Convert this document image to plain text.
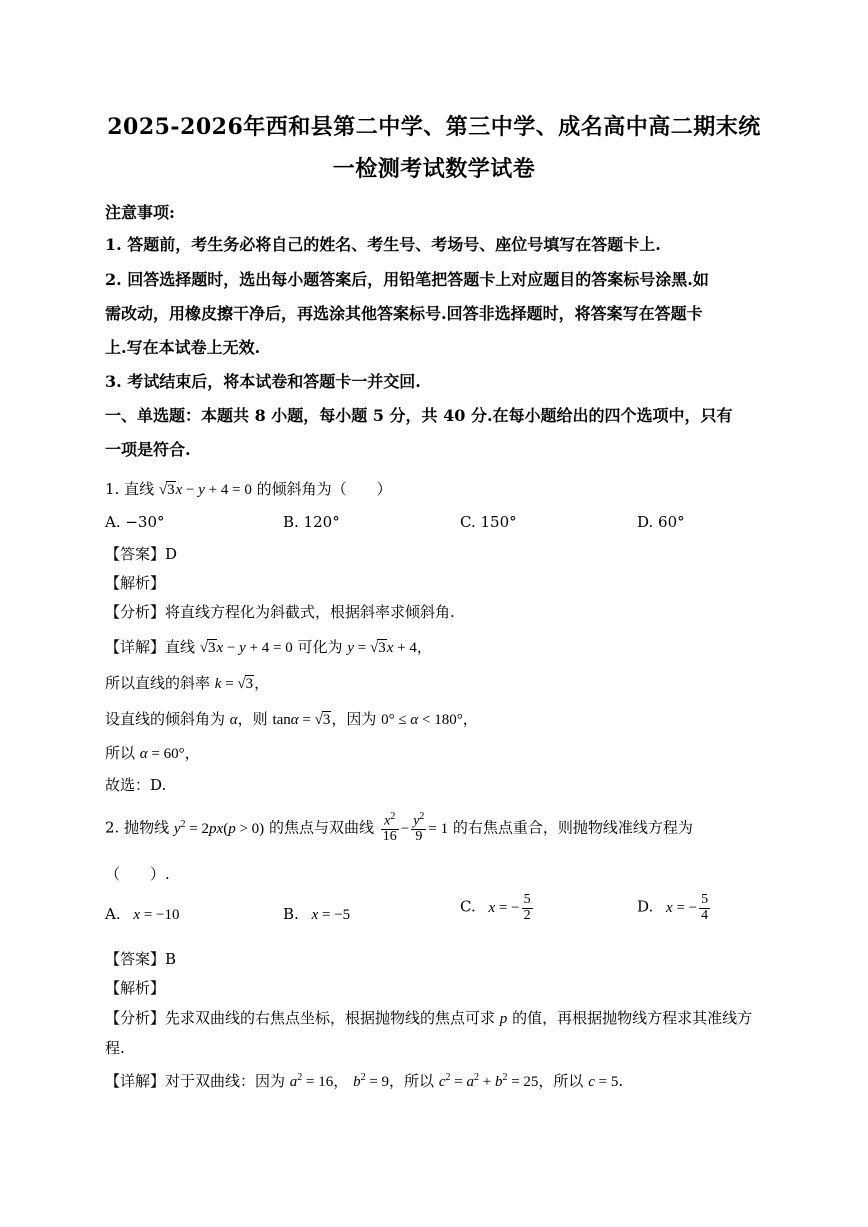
2025-2026年西和县第二中学、第三中学、成名高中高二期末统
一检测考试数学试卷
注意事项:
1. 答题前，考生务必将自己的姓名、考生号、考场号、座位号填写在答题卡上.
2. 回答选择题时，选出每小题答案后，用铅笔把答题卡上对应题目的答案标号涂黑.如
需改动，用橡皮擦干净后，再选涂其他答案标号.回答非选择题时，将答案写在答题卡
上.写在本试卷上无效.
3. 考试结束后，将本试卷和答题卡一并交回.
一、单选题：本题共 8 小题，每小题 5 分，共 40 分.在每小题给出的四个选项中，只有
一项是符合.
1. 直线 √3x − y + 4 = 0 的倾斜角为（　　）
A. −30°	B. 120°	C. 150°	D. 60°
【答案】D
【解析】
【分析】将直线方程化为斜截式，根据斜率求倾斜角.
【详解】直线 √3x − y + 4 = 0 可化为 y = √3x + 4，
所以直线的斜率 k = √3，
设直线的倾斜角为 α，则 tanα = √3，因为 0° ≤ α < 180°，
所以 α = 60°，
故选：D.
2. 抛物线 $y^2 = 2px(p > 0)$ 的焦点与双曲线 $\frac{x^2}{16} - \frac{y^2}{9} = 1$ 的右焦点重合，则抛物线准线方程为
（　　）.
A. x = −10	B. x = −5	C. x = − $\frac{5}{2}$	D. x = − $\frac{5}{4}$
【答案】B
【解析】
【分析】先求双曲线的右焦点坐标，根据抛物线的焦点可求 p 的值，再根据抛物线方程求其准线方
程.
【详解】对于双曲线：因为 $a^2 = 16$， $b^2 = 9$，所以 $c^2 = a^2 + b^2 = 25$，所以 c = 5.
